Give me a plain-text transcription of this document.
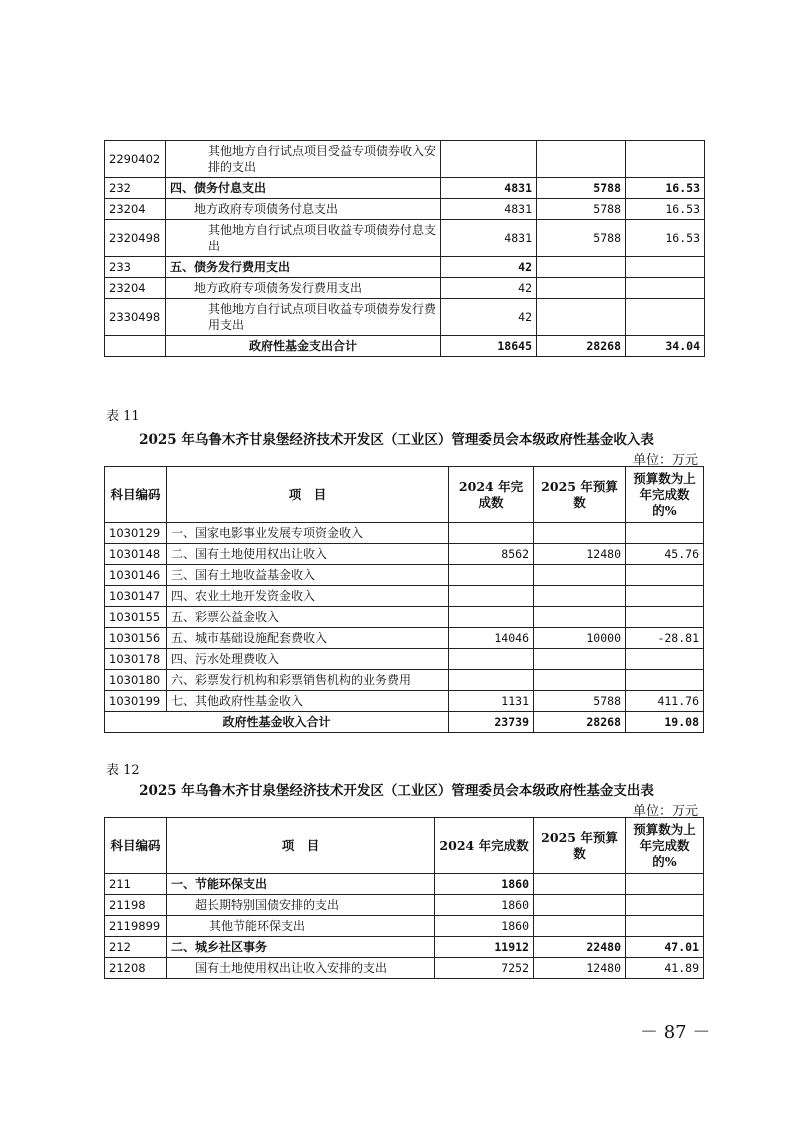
2290402	其他地方自行试点项目受益专项债券收入安排的支出			
232	四、债务付息支出	4831	5788	16.53
23204	地方政府专项债务付息支出	4831	5788	16.53
2320498	其他地方自行试点项目收益专项债券付息支出	4831	5788	16.53
233	五、债务发行费用支出	42		
23204	地方政府专项债务发行费用支出	42		
2330498	其他地方自行试点项目收益专项债券发行费用支出	42		
	政府性基金支出合计	18645	28268	34.04
表 11
2025 年乌鲁木齐甘泉堡经济技术开发区（工业区）管理委员会本级政府性基金收入表
单位：万元
科目编码	项　目	2024 年完成数	2025 年预算数	预算数为上年完成数的%
1030129	一、国家电影事业发展专项资金收入			
1030148	二、国有土地使用权出让收入	8562	12480	45.76
1030146	三、国有土地收益基金收入			
1030147	四、农业土地开发资金收入			
1030155	五、彩票公益金收入			
1030156	五、城市基础设施配套费收入	14046	10000	-28.81
1030178	四、污水处理费收入			
1030180	六、彩票发行机构和彩票销售机构的业务费用			
1030199	七、其他政府性基金收入	1131	5788	411.76
政府性基金收入合计		23739	28268	19.08
表 12
2025 年乌鲁木齐甘泉堡经济技术开发区（工业区）管理委员会本级政府性基金支出表
单位：万元
科目编码	项　目	2024 年完成数	2025 年预算数	预算数为上年完成数的%
211	一、节能环保支出	1860		
21198	超长期特别国债安排的支出	1860		
2119899	其他节能环保支出	1860		
212	二、城乡社区事务	11912	22480	47.01
21208	国有土地使用权出让收入安排的支出	7252	12480	41.89
－ 87 －
